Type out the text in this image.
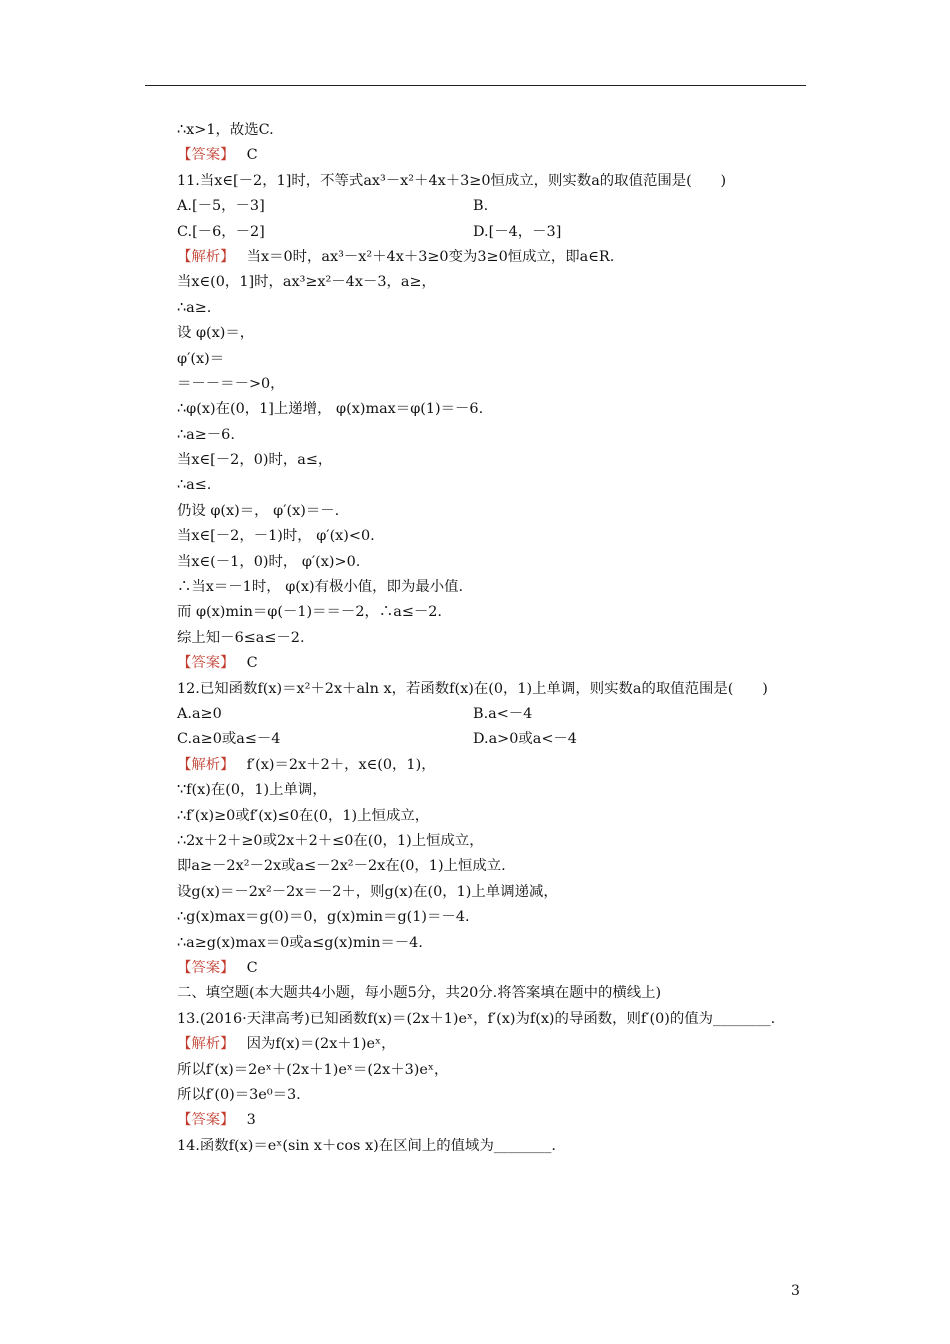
∴x>1，故选C.
【答案】 C
11.当x∈[－2，1]时，不等式ax³－x²＋4x＋3≥0恒成立，则实数a的取值范围是(　　)
A.[－5，－3]	B.
C.[－6，－2]	D.[－4，－3]
【解析】 当x＝0时，ax³－x²＋4x＋3≥0变为3≥0恒成立，即a∈R.
当x∈(0，1]时，ax³≥x²－4x－3，a≥，
∴a≥.
设 φ(x)＝，
φ′(x)＝
＝－－＝－>0，
∴φ(x)在(0，1]上递增， φ(x)max＝φ(1)＝－6.
∴a≥－6.
当x∈[－2，0)时，a≤，
∴a≤.
仍设 φ(x)＝， φ′(x)＝－.
当x∈[－2，－1)时， φ′(x)<0.
当x∈(－1，0)时， φ′(x)>0.
∴当x＝－1时， φ(x)有极小值，即为最小值.
而 φ(x)min＝φ(－1)＝＝－2，∴a≤－2.
综上知－6≤a≤－2.
【答案】 C
12.已知函数f(x)＝x²＋2x＋aln x，若函数f(x)在(0，1)上单调，则实数a的取值范围是(　　)
A.a≥0	B.a<－4
C.a≥0或a≤－4	D.a>0或a<－4
【解析】 f′(x)＝2x＋2＋，x∈(0，1)，
∵f(x)在(0，1)上单调，
∴f′(x)≥0或f′(x)≤0在(0，1)上恒成立，
∴2x＋2＋≥0或2x＋2＋≤0在(0，1)上恒成立，
即a≥－2x²－2x或a≤－2x²－2x在(0，1)上恒成立.
设g(x)＝－2x²－2x＝－2＋，则g(x)在(0，1)上单调递减，
∴g(x)max＝g(0)＝0，g(x)min＝g(1)＝－4.
∴a≥g(x)max＝0或a≤g(x)min＝－4.
【答案】 C
二、填空题(本大题共4小题，每小题5分，共20分.将答案填在题中的横线上)
13.(2016·天津高考)已知函数f(x)＝(2x＋1)eˣ，f′(x)为f(x)的导函数，则f′(0)的值为________.
【解析】 因为f(x)＝(2x＋1)eˣ，
所以f′(x)＝2eˣ＋(2x＋1)eˣ＝(2x＋3)eˣ，
所以f′(0)＝3e⁰＝3.
【答案】 3
14.函数f(x)＝eˣ(sin x＋cos x)在区间上的值域为________.
3
